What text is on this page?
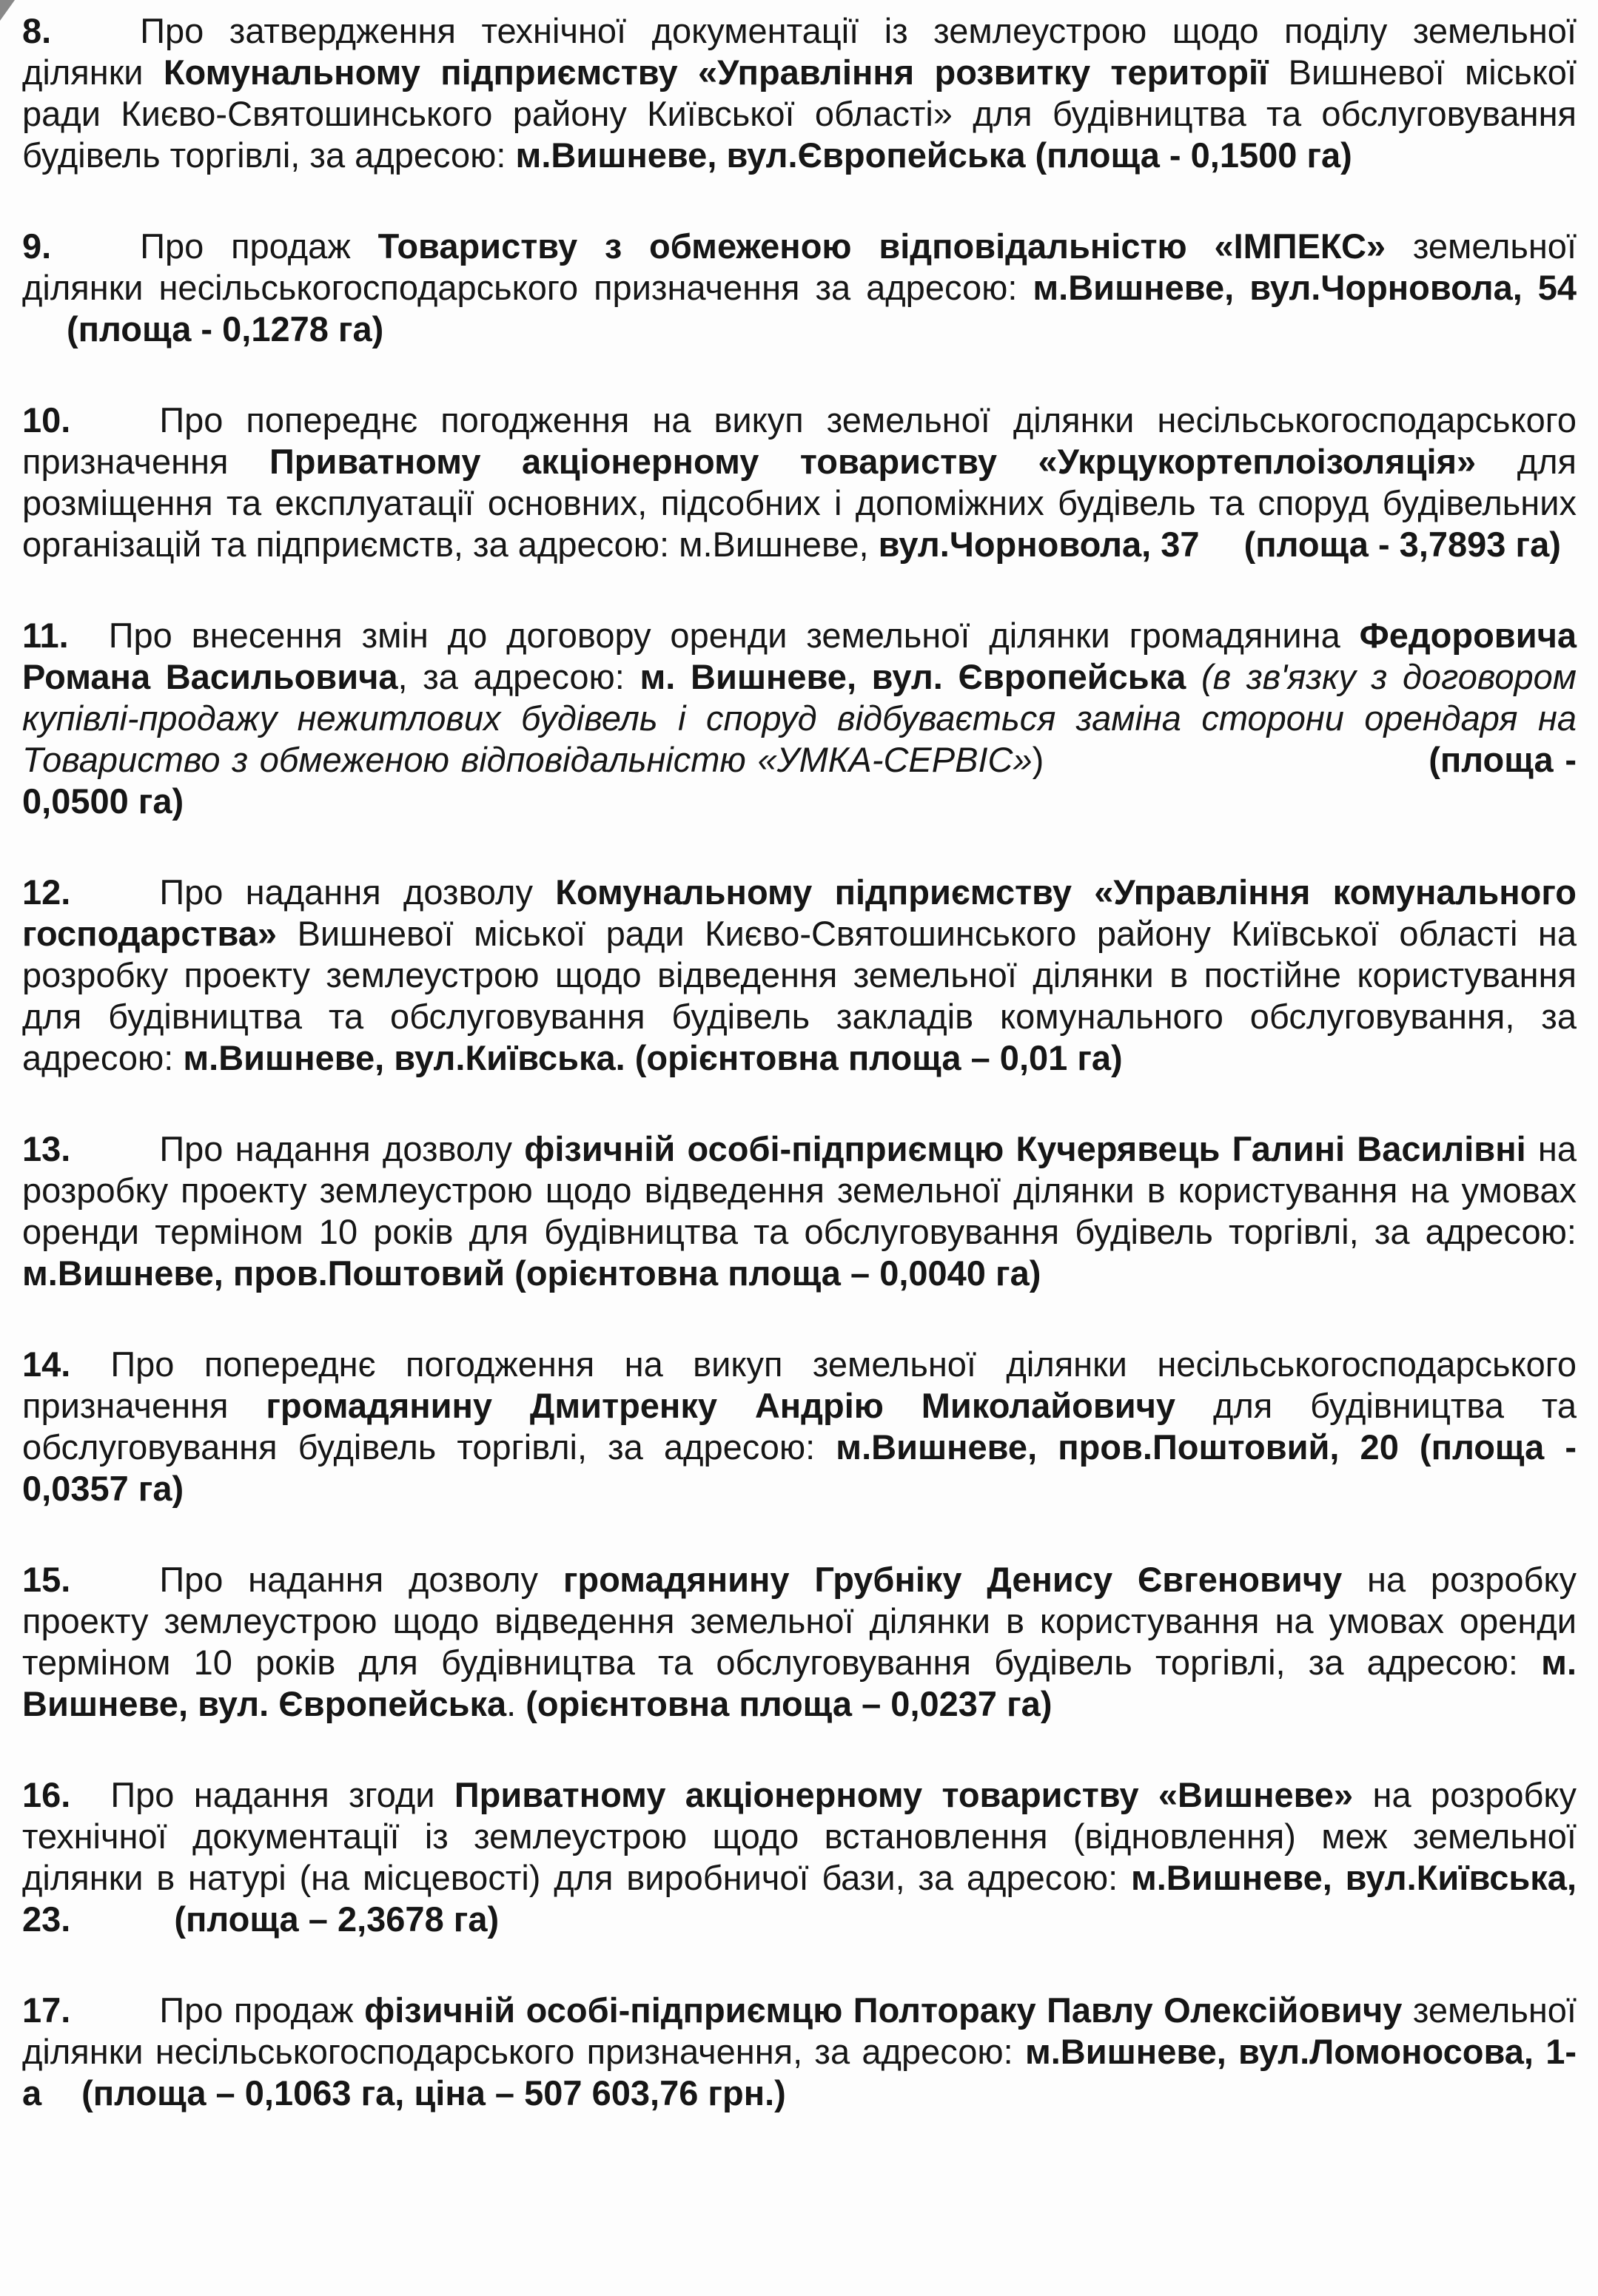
8.	Про затвердження технічної документації із землеустрою щодо поділу земельної ділянки Комунальному підприємству «Управління розвитку території Вишневої міської ради Києво-Святошинського району Київської області» для будівництва та обслуговування будівель торгівлі, за адресою: м.Вишневе, вул.Європейська (площа - 0,1500 га)

9.	Про продаж Товариству з обмеженою відповідальністю «ІМПЕКС» земельної ділянки несільськогосподарського призначення за адресою: м.Вишневе, вул.Чорновола, 54(площа - 0,1278 га)

10.	Про попереднє погодження на викуп земельної ділянки несільськогосподарського призначення Приватному акціонерному товариству «Укрцукортеплоізоляція» для розміщення та експлуатації основних, підсобних і допоміжних будівель та споруд будівельних організацій та підприємств, за адресою: м.Вишневе, вул.Чорновола, 37 (площа - 3,7893 га)

11. Про внесення змін до договору оренди земельної ділянки громадянина Федоровича Романа Васильовича, за адресою: м. Вишневе, вул. Європейська (в зв'язку з договором купівлі-продажу нежитлових будівель і споруд відбувається заміна сторони орендаря на Товариство з обмеженою відповідальністю «УМКА-СЕРВІС»)	(площа - 0,0500 га)

12.	Про надання дозволу Комунальному підприємству «Управління комунального господарства» Вишневої міської ради Києво-Святошинського району Київської області на розробку проекту землеустрою щодо відведення земельної ділянки в постійне користування для будівництва та обслуговування будівель закладів комунального обслуговування, за адресою: м.Вишневе, вул.Київська. (орієнтовна площа – 0,01 га)

13.	Про надання дозволу фізичній особі-підприємцю Кучерявець Галині Василівні на розробку проекту землеустрою щодо відведення земельної ділянки в користування на умовах оренди терміном 10 років для будівництва та обслуговування будівель торгівлі, за адресою: м.Вишневе, пров.Поштовий (орієнтовна площа – 0,0040 га)

14. Про попереднє погодження на викуп земельної ділянки несільськогосподарського призначення громадянину Дмитренку Андрію Миколайовичу для будівництва та обслуговування будівель торгівлі, за адресою: м.Вишневе, пров.Поштовий, 20 (площа - 0,0357 га)

15.	Про надання дозволу громадянину Грубніку Денису Євгеновичу на розробку проекту землеустрою щодо відведення земельної ділянки в користування на умовах оренди терміном 10 років для будівництва та обслуговування будівель торгівлі, за адресою: м. Вишневе, вул. Європейська. (орієнтовна площа – 0,0237 га)

16. Про надання згоди Приватному акціонерному товариству «Вишневе» на розробку технічної документації із землеустрою щодо встановлення (відновлення) меж земельної ділянки в натурі (на місцевості) для виробничої бази, за адресою: м.Вишневе, вул.Київська, 23.	(площа – 2,3678 га)

17.	Про продаж фізичній особі-підприємцю Полтораку Павлу Олексійовичу земельної ділянки несільськогосподарського призначення, за адресою: м.Вишневе, вул.Ломоносова, 1-а (площа – 0,1063 га, ціна – 507 603,76 грн.)
